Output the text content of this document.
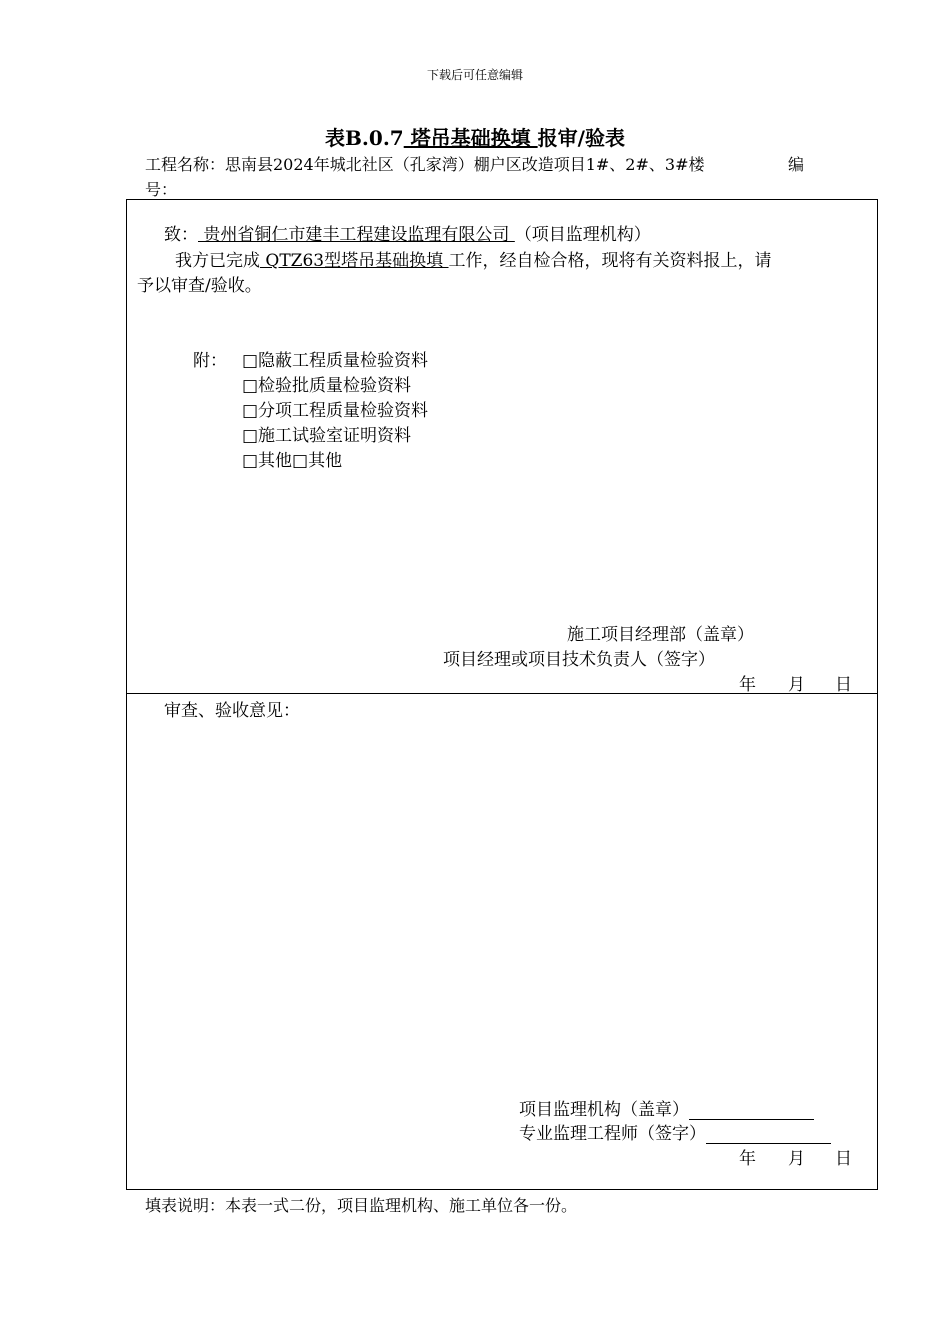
下载后可任意编辑
表B.0.7 塔吊基础换填 报审/验表
工程名称：思南县2024年城北社区（孔家湾）棚户区改造项目1#、2#、3#楼	编
号：
致： 贵州省铜仁市建丰工程建设监理有限公司 （项目监理机构）
我方已完成 QTZ63型塔吊基础换填 工作，经自检合格，现将有关资料报上，请
予以审查/验收。
附： □隐蔽工程质量检验资料
□检验批质量检验资料
□分项工程质量检验资料
□施工试验室证明资料
□其他□其他
施工项目经理部（盖章）
项目经理或项目技术负责人（签字）
年 月 日
审查、验收意见：
项目监理机构（盖章）
专业监理工程师（签字）
年 月 日
填表说明：本表一式二份，项目监理机构、施工单位各一份。
